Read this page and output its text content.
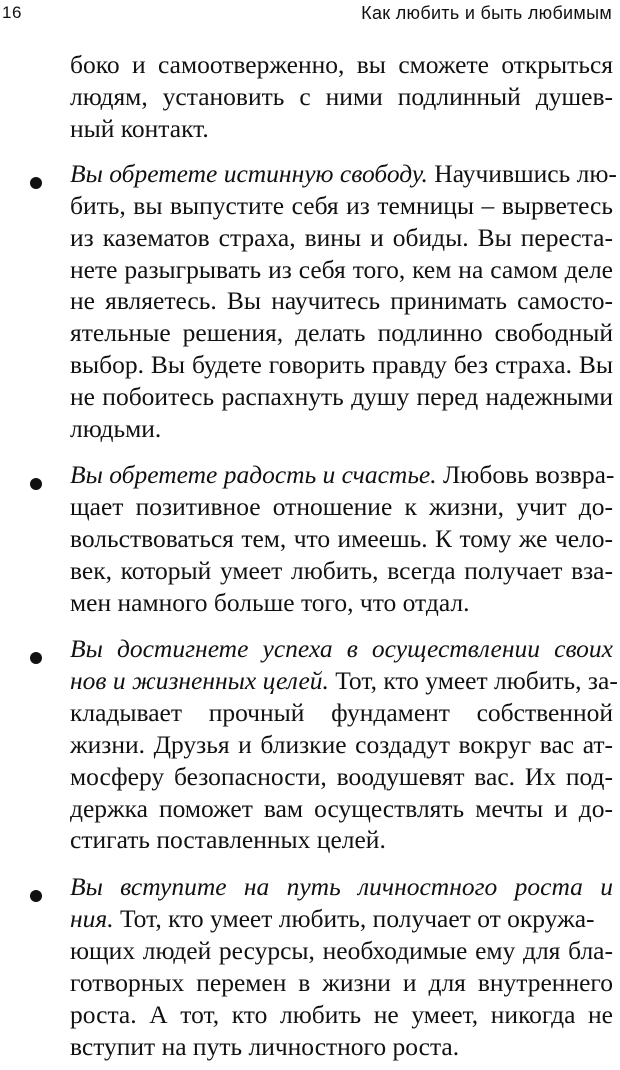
16	Как любить и быть любимым
боко и самоотверженно, вы сможете открыться
людям, установить с ними подлинный душев-
ный контакт.
Вы обретете истинную свободу. Научившись лю-
бить, вы выпустите себя из темницы – вырветесь
из казематов страха, вины и обиды. Вы переста-
нете разыгрывать из себя того, кем на самом деле
не являетесь. Вы научитесь принимать самосто-
ятельные решения, делать подлинно свободный
выбор. Вы будете говорить правду без страха. Вы
не побоитесь распахнуть душу перед надежными
людьми.
Вы обретете радость и счастье. Любовь возвра-
щает позитивное отношение к жизни, учит до-
вольствоваться тем, что имеешь. К тому же чело-
век, который умеет любить, всегда получает вза-
мен намного больше того, что отдал.
Вы достигнете успеха в осуществлении своих
нов и жизненных целей. Тот, кто умеет любить, за-
кладывает прочный фундамент собственной
жизни. Друзья и близкие создадут вокруг вас ат-
мосферу безопасности, воодушевят вас. Их под-
держка поможет вам осуществлять мечты и до-
стигать поставленных целей.
Вы вступите на путь личностного роста и
ния. Тот, кто умеет любить, получает от окружа-
ющих людей ресурсы, необходимые ему для бла-
готворных перемен в жизни и для внутреннего
роста. А тот, кто любить не умеет, никогда не
вступит на путь личностного роста.
